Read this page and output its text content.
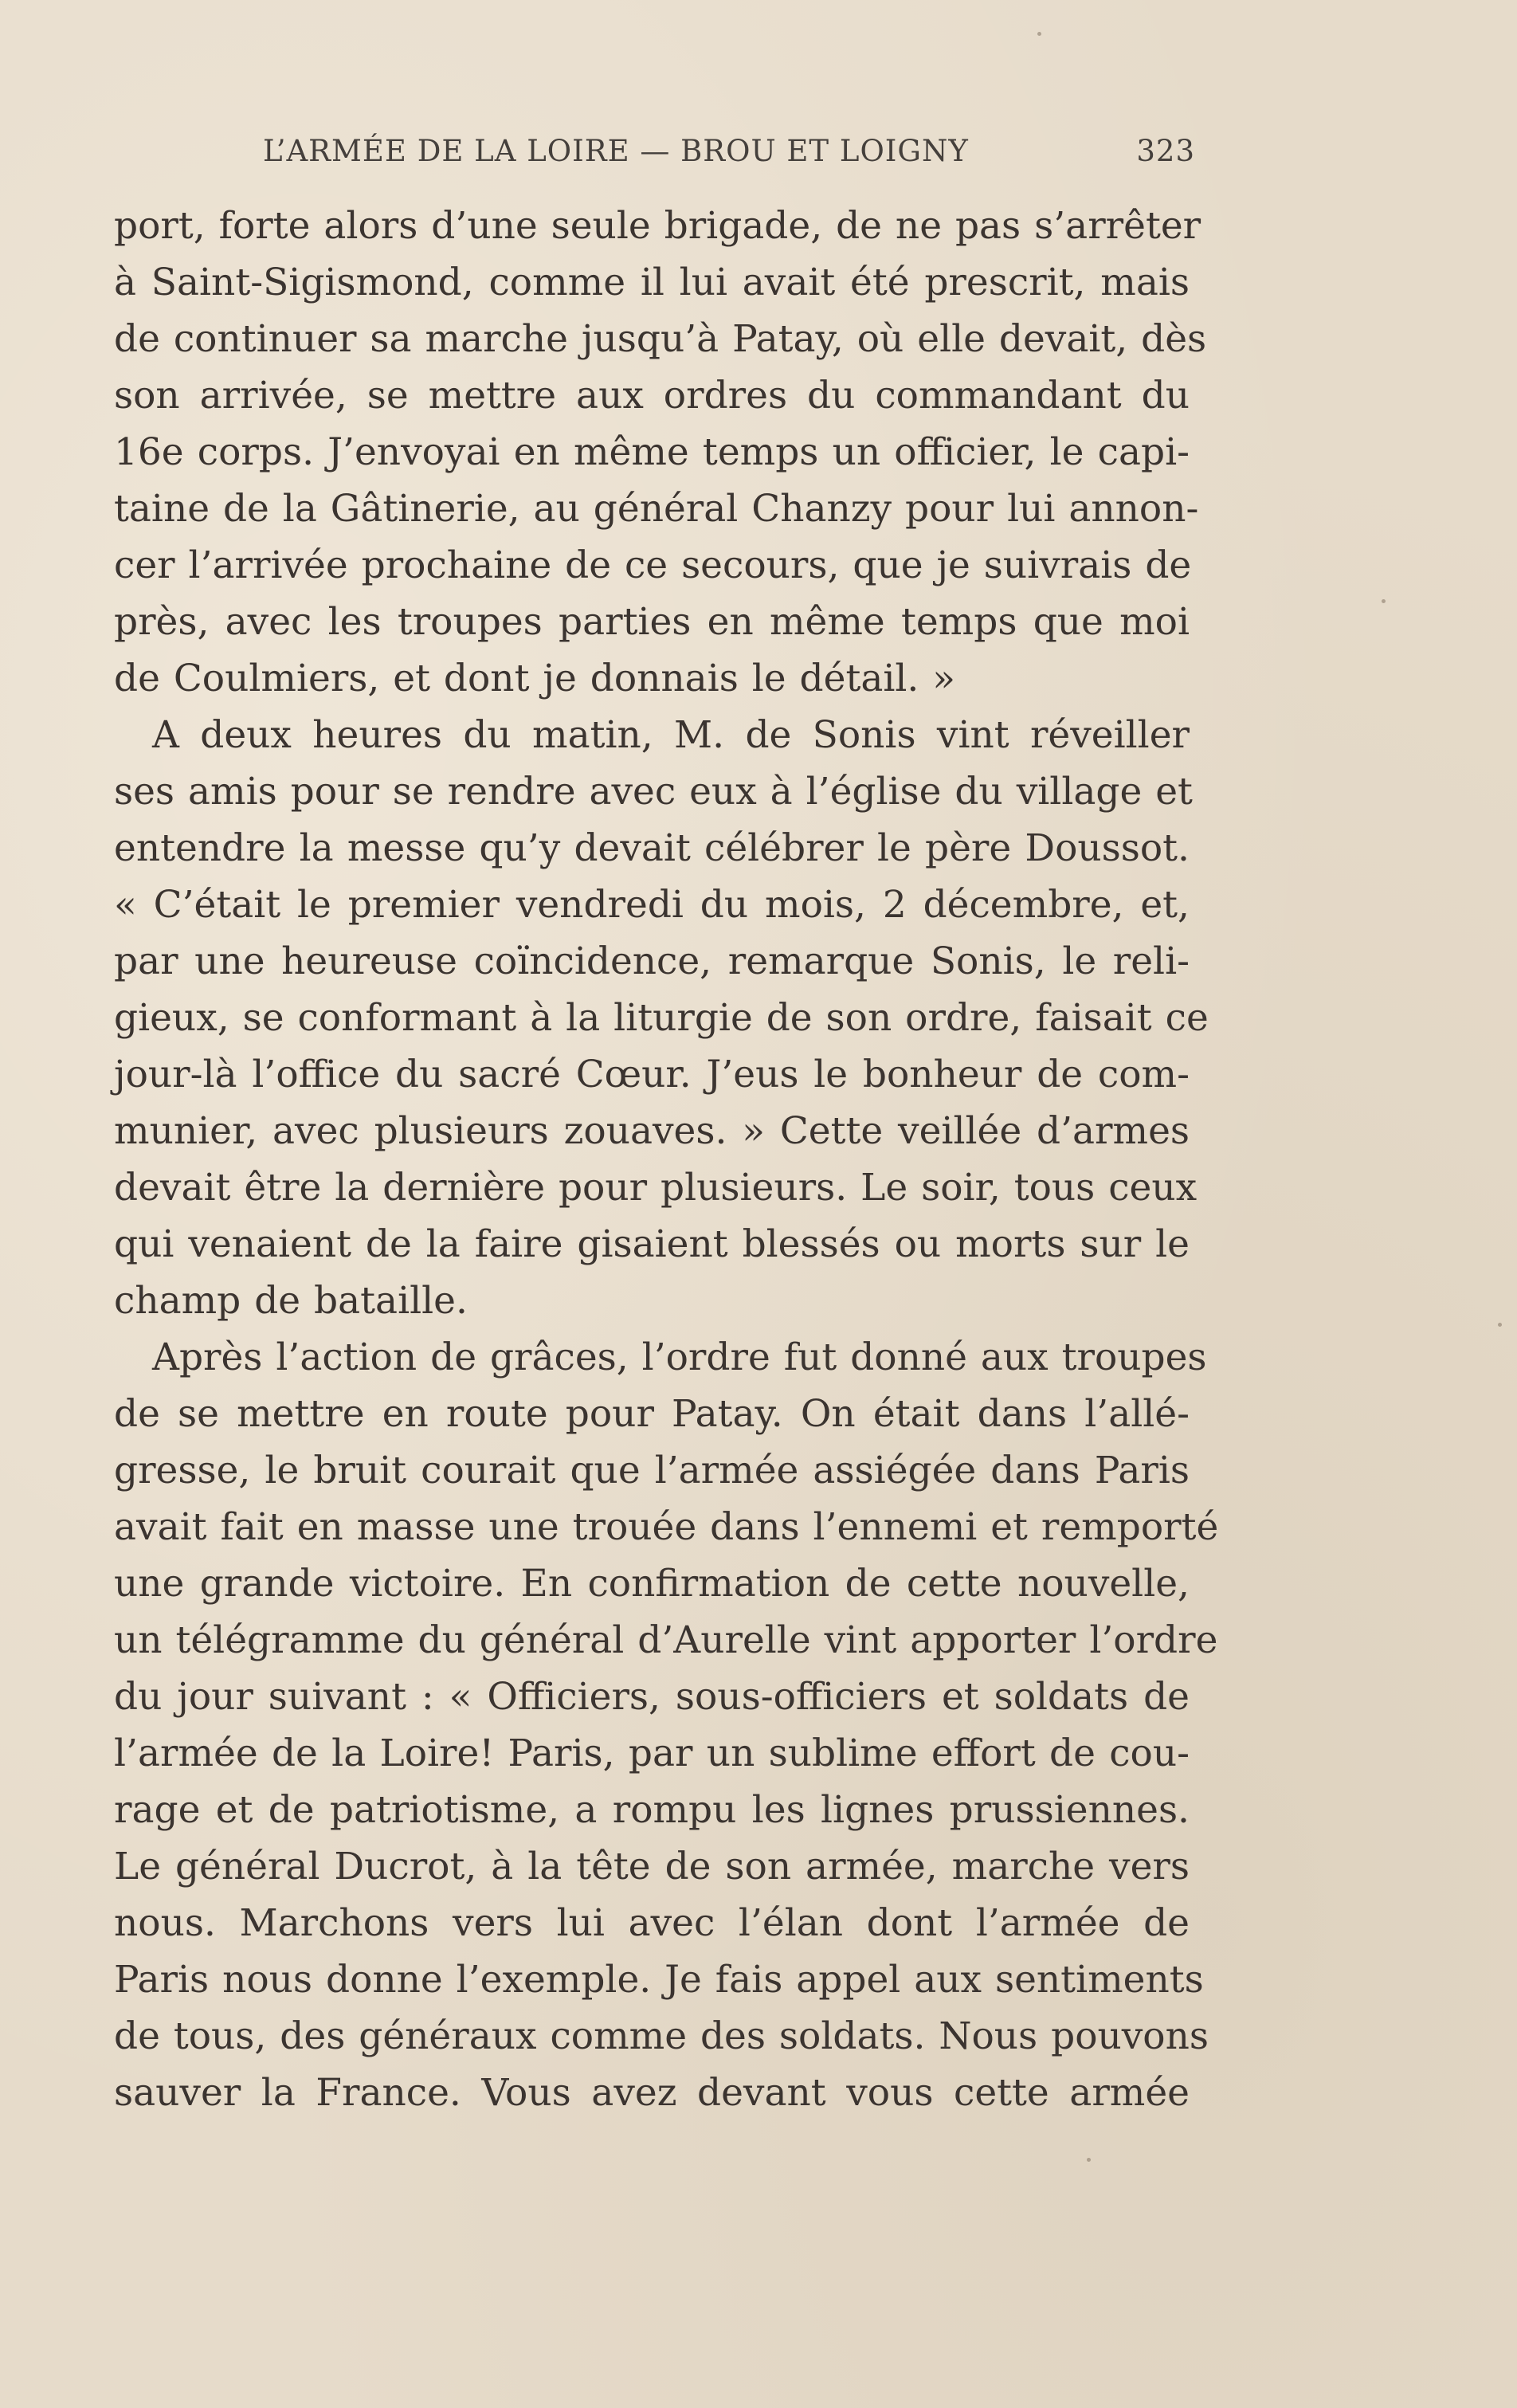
L’ARMÉE DE LA LOIRE — BROU ET LOIGNY	323
port, forte alors d’une seule brigade, de ne pas s’arrêter
à Saint-Sigismond, comme il lui avait été prescrit, mais
de continuer sa marche jusqu’à Patay, où elle devait, dès
son arrivée, se mettre aux ordres du commandant du
16e corps. J’envoyai en même temps un officier, le capi-
taine de la Gâtinerie, au général Chanzy pour lui annon-
cer l’arrivée prochaine de ce secours, que je suivrais de
près, avec les troupes parties en même temps que moi
de Coulmiers, et dont je donnais le détail. »
A deux heures du matin, M. de Sonis vint réveiller
ses amis pour se rendre avec eux à l’église du village et
entendre la messe qu’y devait célébrer le père Doussot.
« C’était le premier vendredi du mois, 2 décembre, et,
par une heureuse coïncidence, remarque Sonis, le reli-
gieux, se conformant à la liturgie de son ordre, faisait ce
jour-là l’office du sacré Cœur. J’eus le bonheur de com-
munier, avec plusieurs zouaves. » Cette veillée d’armes
devait être la dernière pour plusieurs. Le soir, tous ceux
qui venaient de la faire gisaient blessés ou morts sur le
champ de bataille.
Après l’action de grâces, l’ordre fut donné aux troupes
de se mettre en route pour Patay. On était dans l’allé-
gresse, le bruit courait que l’armée assiégée dans Paris
avait fait en masse une trouée dans l’ennemi et remporté
une grande victoire. En confirmation de cette nouvelle,
un télégramme du général d’Aurelle vint apporter l’ordre
du jour suivant : « Officiers, sous-officiers et soldats de
l’armée de la Loire! Paris, par un sublime effort de cou-
rage et de patriotisme, a rompu les lignes prussiennes.
Le général Ducrot, à la tête de son armée, marche vers
nous. Marchons vers lui avec l’élan dont l’armée de
Paris nous donne l’exemple. Je fais appel aux sentiments
de tous, des généraux comme des soldats. Nous pouvons
sauver la France. Vous avez devant vous cette armée
